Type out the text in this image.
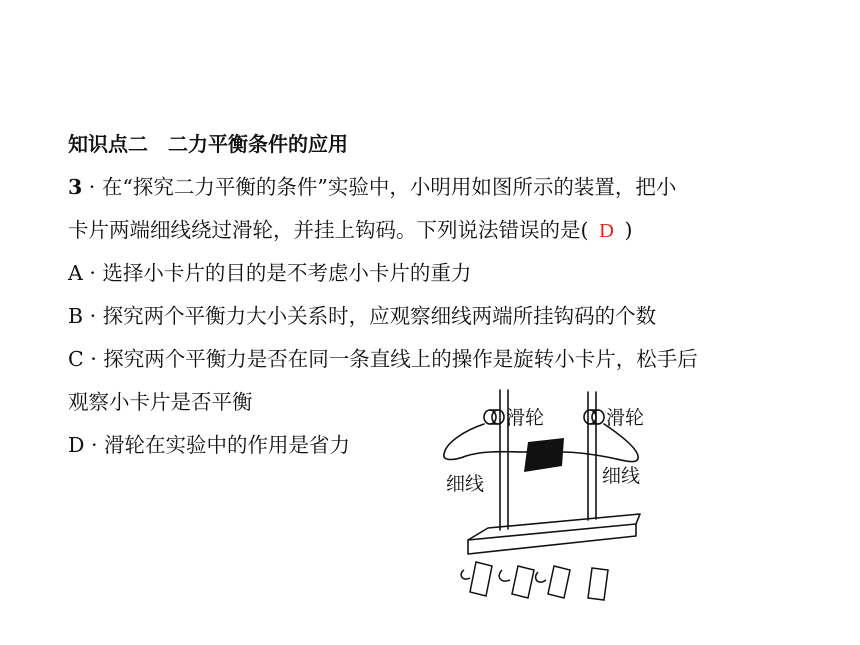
知识点二　二力平衡条件的应用
3 · 在“探究二力平衡的条件”实验中，小明用如图所示的装置，把小
卡片两端细线绕过滑轮，并挂上钩码。下列说法错误的是( D )
A · 选择小卡片的目的是不考虑小卡片的重力
B · 探究两个平衡力大小关系时，应观察细线两端所挂钩码的个数
C · 探究两个平衡力是否在同一条直线上的操作是旋转小卡片，松手后
观察小卡片是否平衡
D · 滑轮在实验中的作用是省力
滑轮	滑轮
细线	细线
